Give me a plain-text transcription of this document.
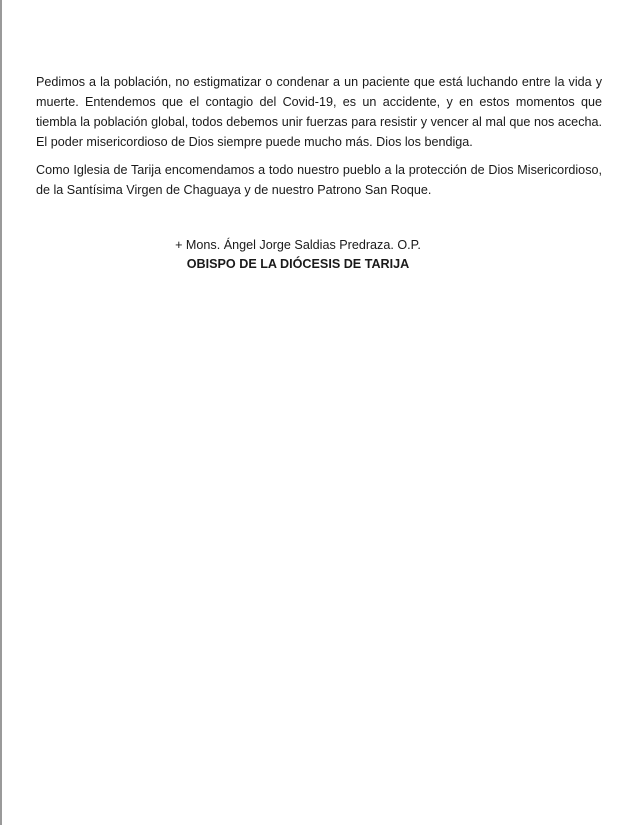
Pedimos a la población, no estigmatizar o condenar a un paciente que está luchando entre la vida y muerte. Entendemos que el contagio del Covid-19, es un accidente, y en estos momentos que tiembla la población global, todos debemos unir fuerzas para resistir y vencer al mal que nos acecha. El poder misericordioso de Dios siempre puede mucho más. Dios los bendiga.

Como Iglesia de Tarija encomendamos a todo nuestro pueblo a la protección de Dios Misericordioso, de la Santísima Virgen de Chaguaya y de nuestro Patrono San Roque.

+ Mons. Ángel Jorge Saldias Predraza. O.P.
OBISPO DE LA DIÓCESIS DE TARIJA
